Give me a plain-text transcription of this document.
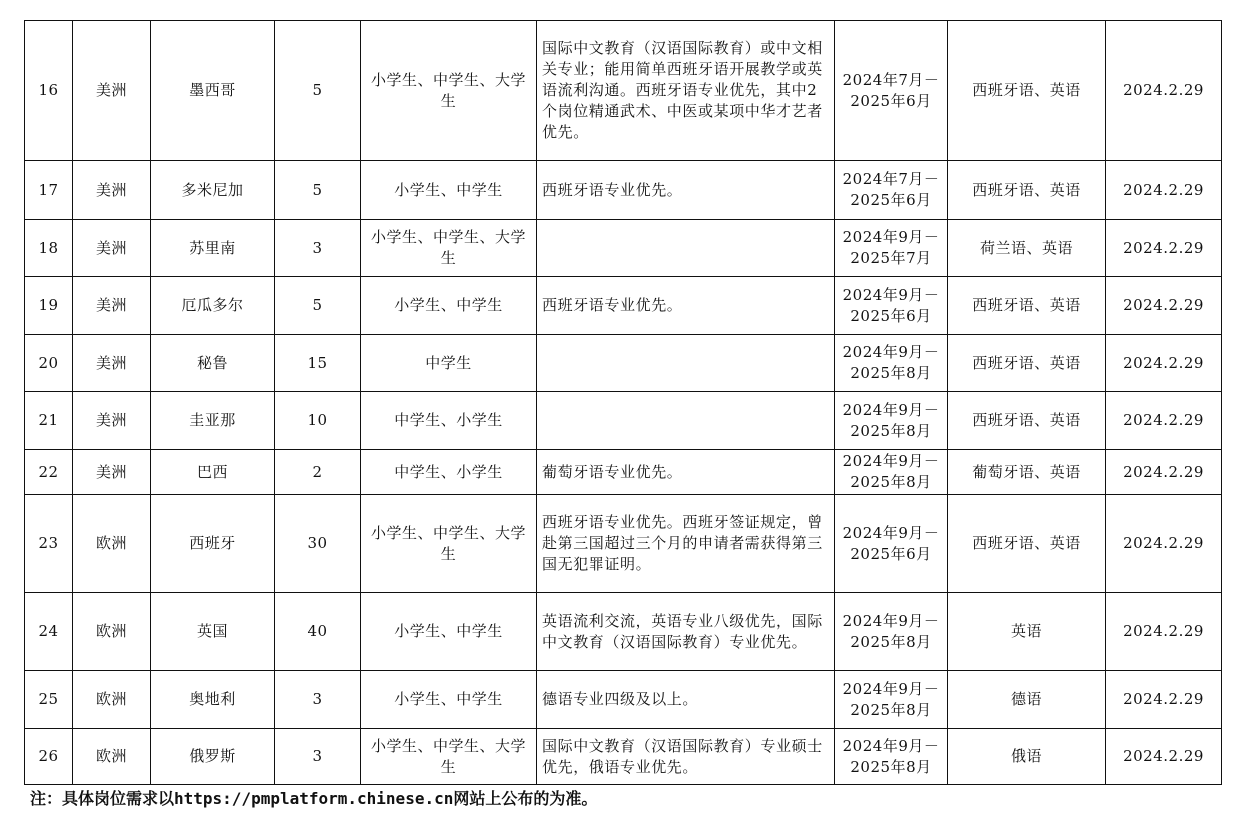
16	美洲	墨西哥	5	小学生、中学生、大学生	国际中文教育（汉语国际教育）或中文相关专业；能用简单西班牙语开展教学或英语流利沟通。西班牙语专业优先，其中2个岗位精通武术、中医或某项中华才艺者优先。	2024年7月－2025年6月	西班牙语、英语	2024.2.29
17	美洲	多米尼加	5	小学生、中学生	西班牙语专业优先。	2024年7月－2025年6月	西班牙语、英语	2024.2.29
18	美洲	苏里南	3	小学生、中学生、大学生		2024年9月－2025年7月	荷兰语、英语	2024.2.29
19	美洲	厄瓜多尔	5	小学生、中学生	西班牙语专业优先。	2024年9月－2025年6月	西班牙语、英语	2024.2.29
20	美洲	秘鲁	15	中学生		2024年9月－2025年8月	西班牙语、英语	2024.2.29
21	美洲	圭亚那	10	中学生、小学生		2024年9月－2025年8月	西班牙语、英语	2024.2.29
22	美洲	巴西	2	中学生、小学生	葡萄牙语专业优先。	2024年9月－2025年8月	葡萄牙语、英语	2024.2.29
23	欧洲	西班牙	30	小学生、中学生、大学生	西班牙语专业优先。西班牙签证规定，曾赴第三国超过三个月的申请者需获得第三国无犯罪证明。	2024年9月－2025年6月	西班牙语、英语	2024.2.29
24	欧洲	英国	40	小学生、中学生	英语流利交流，英语专业八级优先，国际中文教育（汉语国际教育）专业优先。	2024年9月－2025年8月	英语	2024.2.29
25	欧洲	奥地利	3	小学生、中学生	德语专业四级及以上。	2024年9月－2025年8月	德语	2024.2.29
26	欧洲	俄罗斯	3	小学生、中学生、大学生	国际中文教育（汉语国际教育）专业硕士优先，俄语专业优先。	2024年9月－2025年8月	俄语	2024.2.29
注：具体岗位需求以https://pmplatform.chinese.cn网站上公布的为准。
